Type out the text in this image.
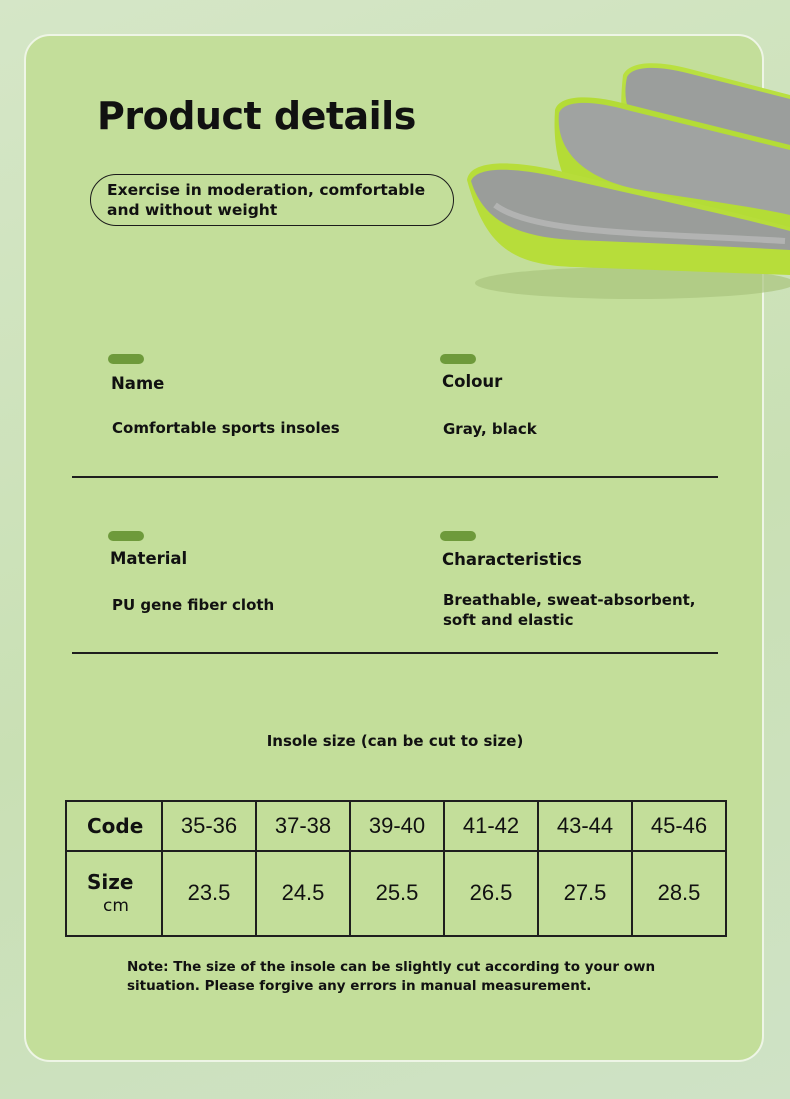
Product details
Exercise in moderation, comfortable and without weight
Name
Comfortable sports insoles
Colour
Gray, black
Material
PU gene fiber cloth
Characteristics
Breathable, sweat-absorbent, soft and elastic
Insole size (can be cut to size)
Code	35-36	37-38	39-40	41-42	43-44	45-46
Size
cm	23.5	24.5	25.5	26.5	27.5	28.5
Note: The size of the insole can be slightly cut according to your own situation. Please forgive any errors in manual measurement.
